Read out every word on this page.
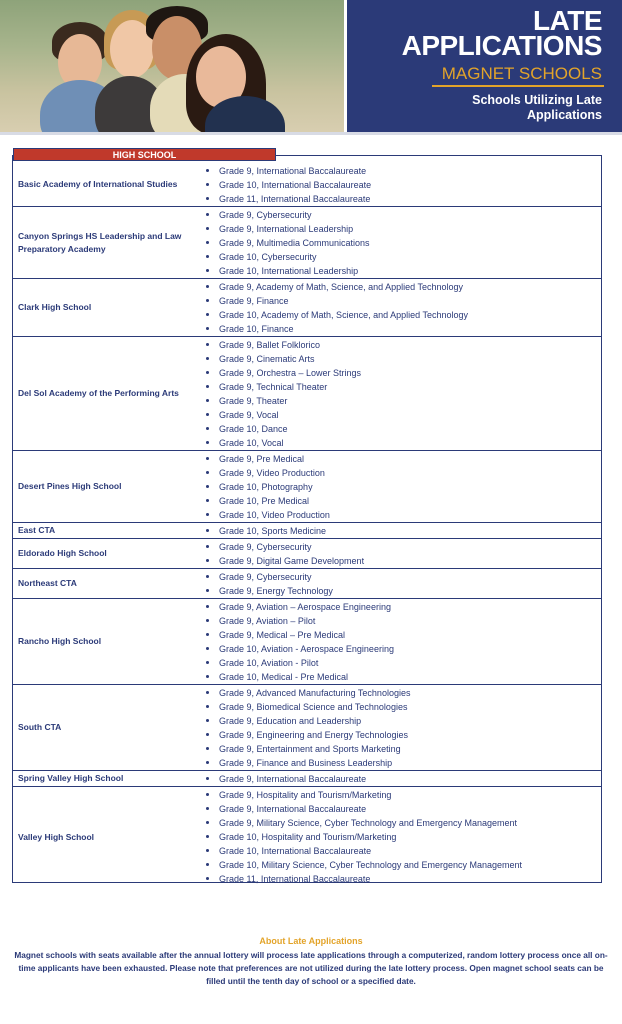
LATE
APPLICATIONS
MAGNET SCHOOLS
Schools Utilizing Late Applications
Basic Academy of International Studies
Grade 9, International Baccalaureate
Grade 10, International Baccalaureate
Grade 11, International Baccalaureate
Canyon Springs HS Leadership and Law Preparatory Academy
Grade 9, Cybersecurity
Grade 9, International Leadership
Grade 9, Multimedia Communications
Grade 10, Cybersecurity
Grade 10, International Leadership
Clark High School
Grade 9, Academy of Math, Science, and Applied Technology
Grade 9, Finance
Grade 10, Academy of Math, Science, and Applied Technology
Grade 10, Finance
Del Sol Academy of the Performing Arts
Grade 9, Ballet Folklorico
Grade 9, Cinematic Arts
Grade 9, Orchestra – Lower Strings
Grade 9, Technical Theater
Grade 9, Theater
Grade 9, Vocal
Grade 10, Dance
Grade 10, Vocal
Desert Pines High School
Grade 9, Pre Medical
Grade 9, Video Production
Grade 10, Photography
Grade 10, Pre Medical
Grade 10, Video Production
East CTA	Grade 10, Sports Medicine
Eldorado High School
Grade 9, Cybersecurity
Grade 9, Digital Game Development
Northeast CTA
Grade 9, Cybersecurity
Grade 9, Energy Technology
Rancho High School
Grade 9, Aviation – Aerospace Engineering
Grade 9, Aviation – Pilot
Grade 9, Medical – Pre Medical
Grade 10, Aviation - Aerospace Engineering
Grade 10, Aviation - Pilot
Grade 10, Medical - Pre Medical
South CTA
Grade 9, Advanced Manufacturing Technologies
Grade 9, Biomedical Science and Technologies
Grade 9, Education and Leadership
Grade 9, Engineering and Energy Technologies
Grade 9, Entertainment and Sports Marketing
Grade 9, Finance and Business Leadership
Spring Valley High School	Grade 9, International Baccalaureate
Valley High School
Grade 9, Hospitality and Tourism/Marketing
Grade 9, International Baccalaureate
Grade 9, Military Science, Cyber Technology and Emergency Management
Grade 10, Hospitality and Tourism/Marketing
Grade 10, International Baccalaureate
Grade 10, Military Science, Cyber Technology and Emergency Management
Grade 11, International Baccalaureate
HIGH SCHOOL
About Late Applications
Magnet schools with seats available after the annual lottery will process late applications through a computerized, random lottery process once all on-time applicants have been exhausted. Please note that preferences are not utilized during the late lottery process. Open magnet school seats can be filled until the tenth day of school or a specified date.
